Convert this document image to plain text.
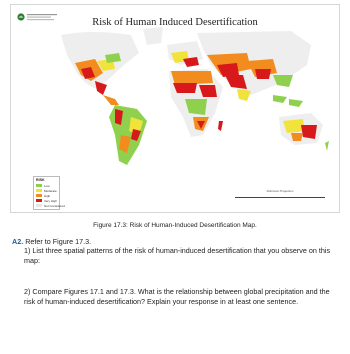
Risk of Human Induced Desertification
RISK
Low
Moderate
High
Very High
Not Considered
Robinson Projection
Figure 17.3: Risk of Human-Induced Desertification Map.
A2. Refer to Figure 17.3.
1) List three spatial patterns of the risk of human-induced desertification that you observe on this map:
2) Compare Figures 17.1 and 17.3. What is the relationship between global precipitation and the risk of human-induced desertification? Explain your response in at least one sentence.
